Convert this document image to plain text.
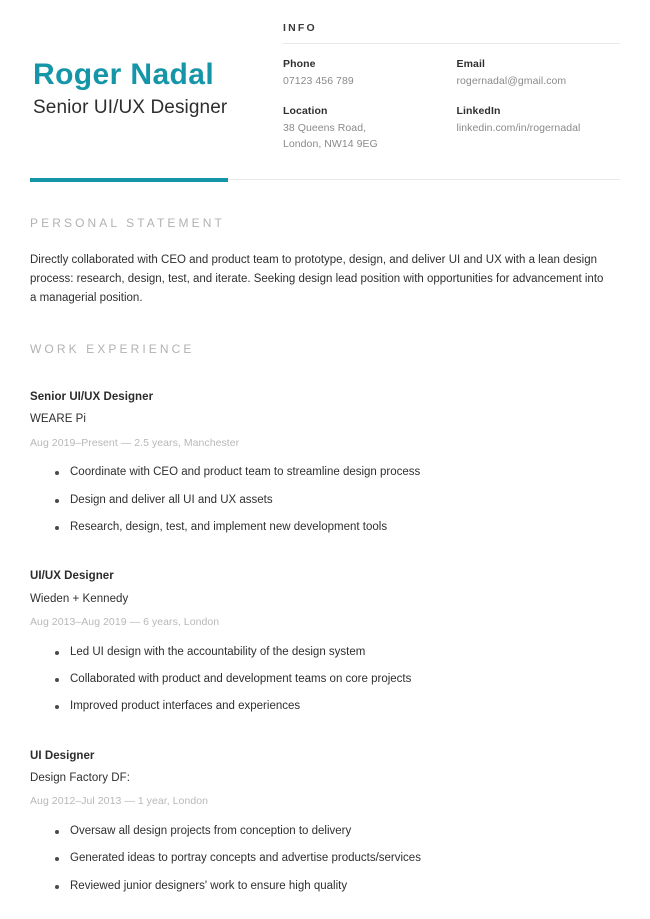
Roger Nadal
Senior UI/UX Designer
INFO
Phone
07123 456 789
Email
rogernadal@gmail.com
Location
38 Queens Road,
London, NW14 9EG
LinkedIn
linkedin.com/in/rogernadal
PERSONAL STATEMENT

Directly collaborated with CEO and product team to prototype, design, and deliver UI and UX with a lean design process: research, design, test, and iterate. Seeking design lead position with opportunities for advancement into a managerial position.

WORK EXPERIENCE
Senior UI/UX Designer
WEARE Pi
Aug 2019–Present — 2.5 years, Manchester
Coordinate with CEO and product team to streamline design process
Design and deliver all UI and UX assets
Research, design, test, and implement new development tools
UI/UX Designer
Wieden + Kennedy
Aug 2013–Aug 2019 — 6 years, London
Led UI design with the accountability of the design system
Collaborated with product and development teams on core projects
Improved product interfaces and experiences
UI Designer
Design Factory DF:
Aug 2012–Jul 2013 — 1 year, London
Oversaw all design projects from conception to delivery
Generated ideas to portray concepts and advertise products/services
Reviewed junior designers' work to ensure high quality
